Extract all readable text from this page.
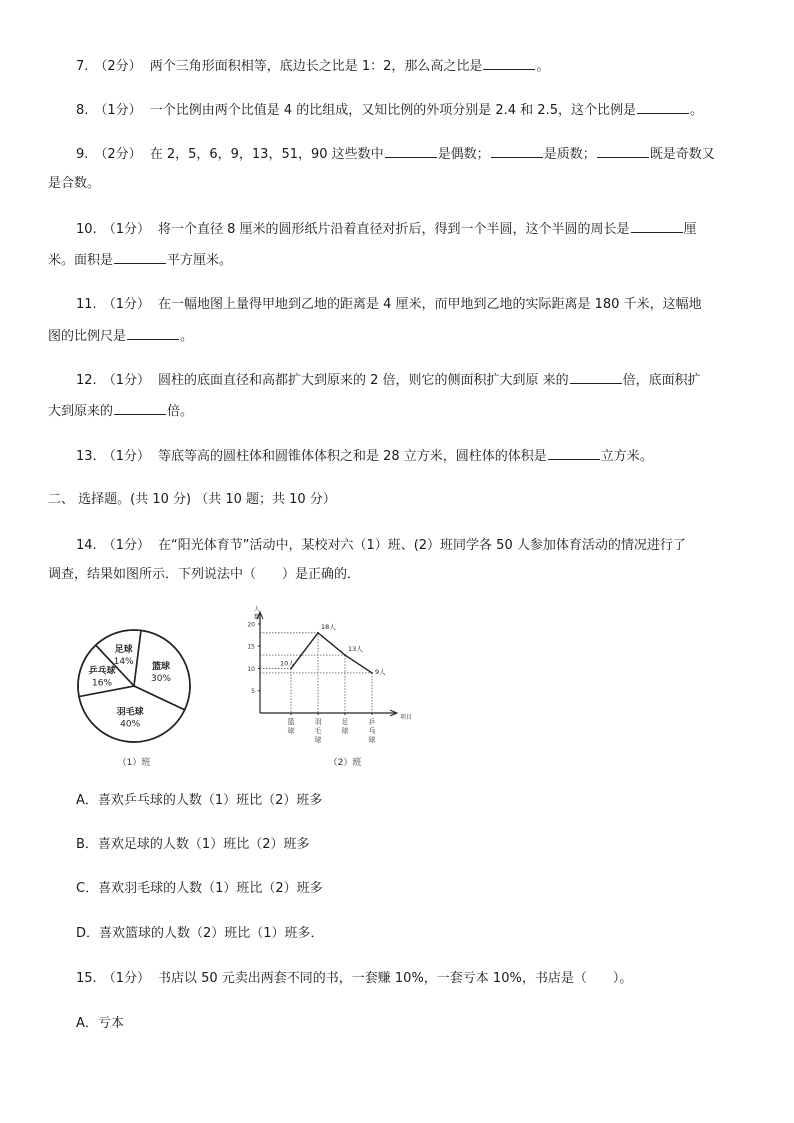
7. （2分） 两个三角形面积相等，底边长之比是 1：2，那么高之比是	。
8. （1分） 一个比例由两个比值是 4 的比组成，又知比例的外项分别是 2.4 和 2.5，这个比例是	。
9. （2分） 在 2，5，6，9，13，51，90 这些数中	是偶数；	是质数；	既是奇数又
是合数。
10. （1分） 将一个直径 8 厘米的圆形纸片沿着直径对折后，得到一个半圆，这个半圆的周长是	厘
米。面积是	平方厘米。
11. （1分） 在一幅地图上量得甲地到乙地的距离是 4 厘米，而甲地到乙地的实际距离是 180 千米，这幅地
图的比例尺是	。
12. （1分） 圆柱的底面直径和高都扩大到原来的 2 倍，则它的侧面积扩大到原 来的	倍，底面积扩
大到原来的	倍。
13. （1分） 等底等高的圆柱体和圆锥体体积之和是 28 立方米，圆柱体的体积是	立方米。
二、 选择题。(共 10 分) （共 10 题；共 10 分）
14. （1分） 在“阳光体育节”活动中，某校对六（1）班、(2）班同学各 50 人参加体育活动的情况进行了
调查，结果如图所示．下列说法中（　　）是正确的．
足球
14%
篮球
30%
羽毛球
40%
乒乓球
16%
（1）班
人
数
项目
5
10
15
20
篮
球
羽
毛
球
足
球
乒
乓
球
10人
18人
13人
9人
（2）班
A．喜欢乒乓球的人数（1）班比（2）班多
B．喜欢足球的人数（1）班比（2）班多
C．喜欢羽毛球的人数（1）班比（2）班多
D．喜欢篮球的人数（2）班比（1）班多．
15. （1分） 书店以 50 元卖出两套不同的书，一套赚 10%，一套亏本 10%，书店是（　　）。
A．亏本
